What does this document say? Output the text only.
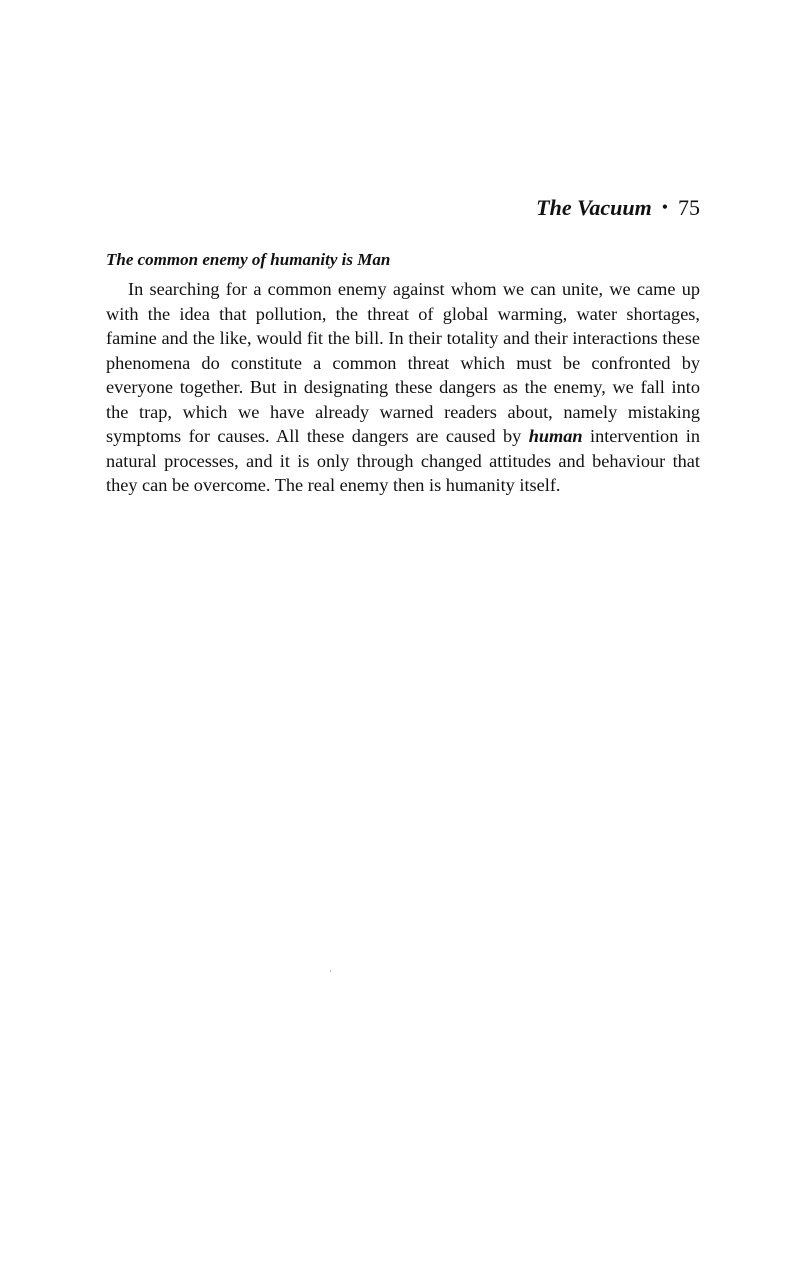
The Vacuum • 75
The common enemy of humanity is Man

In searching for a common enemy against whom we can unite, we came up with the idea that pollution, the threat of global warming, water shortages, famine and the like, would fit the bill. In their totality and their interactions these phenomena do constitute a common threat which must be confronted by everyone together. But in designating these dangers as the enemy, we fall into the trap, which we have already warned readers about, namely mistaking symptoms for causes. All these dangers are caused by human intervention in natural processes, and it is only through changed attitudes and behaviour that they can be overcome. The real enemy then is humanity itself.
